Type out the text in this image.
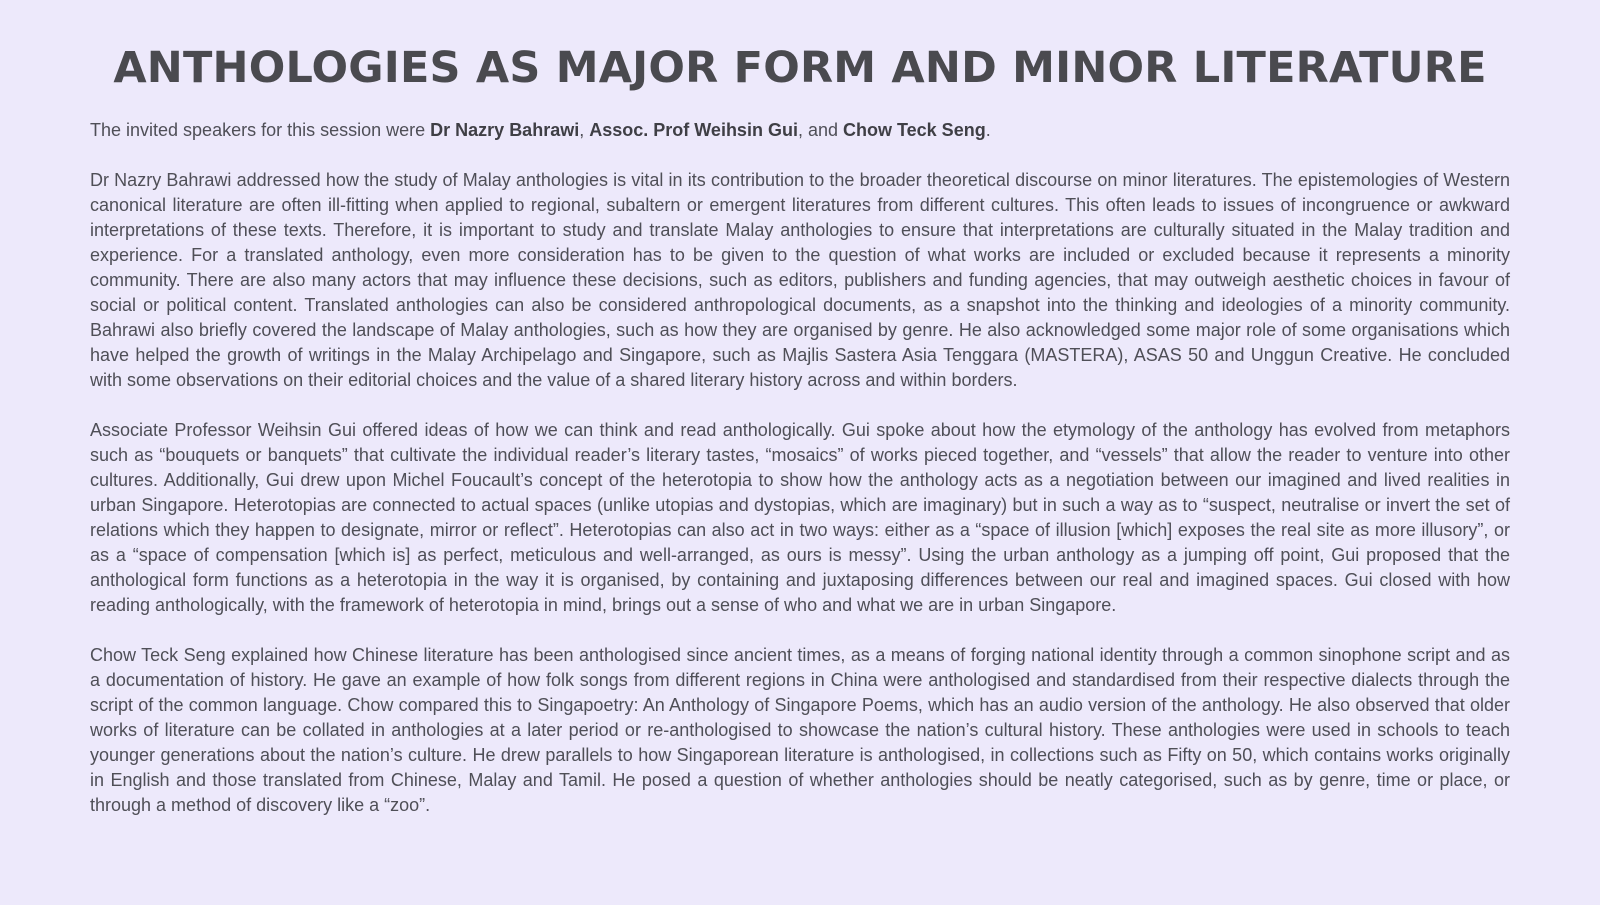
ANTHOLOGIES AS MAJOR FORM AND MINOR LITERATURE

The invited speakers for this session were Dr Nazry Bahrawi, Assoc. Prof Weihsin Gui, and Chow Teck Seng.

Dr Nazry Bahrawi addressed how the study of Malay anthologies is vital in its contribution to the broader theoretical discourse on minor literatures. The epistemologies of Western canonical literature are often ill-fitting when applied to regional, subaltern or emergent literatures from different cultures. This often leads to issues of incongruence or awkward interpretations of these texts. Therefore, it is important to study and translate Malay anthologies to ensure that interpretations are culturally situated in the Malay tradition and experience. For a translated anthology, even more consideration has to be given to the question of what works are included or excluded because it represents a minority community. There are also many actors that may influence these decisions, such as editors, publishers and funding agencies, that may outweigh aesthetic choices in favour of social or political content. Translated anthologies can also be considered anthropological documents, as a snapshot into the thinking and ideologies of a minority community. Bahrawi also briefly covered the landscape of Malay anthologies, such as how they are organised by genre. He also acknowledged some major role of some organisations which have helped the growth of writings in the Malay Archipelago and Singapore, such as Majlis Sastera Asia Tenggara (MASTERA), ASAS 50 and Unggun Creative. He concluded with some observations on their editorial choices and the value of a shared literary history across and within borders.

Associate Professor Weihsin Gui offered ideas of how we can think and read anthologically. Gui spoke about how the etymology of the anthology has evolved from metaphors such as “bouquets or banquets” that cultivate the individual reader’s literary tastes, “mosaics” of works pieced together, and “vessels” that allow the reader to venture into other cultures. Additionally, Gui drew upon Michel Foucault’s concept of the heterotopia to show how the anthology acts as a negotiation between our imagined and lived realities in urban Singapore. Heterotopias are connected to actual spaces (unlike utopias and dystopias, which are imaginary) but in such a way as to “suspect, neutralise or invert the set of relations which they happen to designate, mirror or reflect”. Heterotopias can also act in two ways: either as a “space of illusion [which] exposes the real site as more illusory”, or as a “space of compensation [which is] as perfect, meticulous and well-arranged, as ours is messy”. Using the urban anthology as a jumping off point, Gui proposed that the anthological form functions as a heterotopia in the way it is organised, by containing and juxtaposing differences between our real and imagined spaces. Gui closed with how reading anthologically, with the framework of heterotopia in mind, brings out a sense of who and what we are in urban Singapore.

Chow Teck Seng explained how Chinese literature has been anthologised since ancient times, as a means of forging national identity through a common sinophone script and as a documentation of history. He gave an example of how folk songs from different regions in China were anthologised and standardised from their respective dialects through the script of the common language. Chow compared this to Singapoetry: An Anthology of Singapore Poems, which has an audio version of the anthology. He also observed that older works of literature can be collated in anthologies at a later period or re-anthologised to showcase the nation’s cultural history. These anthologies were used in schools to teach younger generations about the nation’s culture. He drew parallels to how Singaporean literature is anthologised, in collections such as Fifty on 50, which contains works originally in English and those translated from Chinese, Malay and Tamil. He posed a question of whether anthologies should be neatly categorised, such as by genre, time or place, or through a method of discovery like a “zoo”.
